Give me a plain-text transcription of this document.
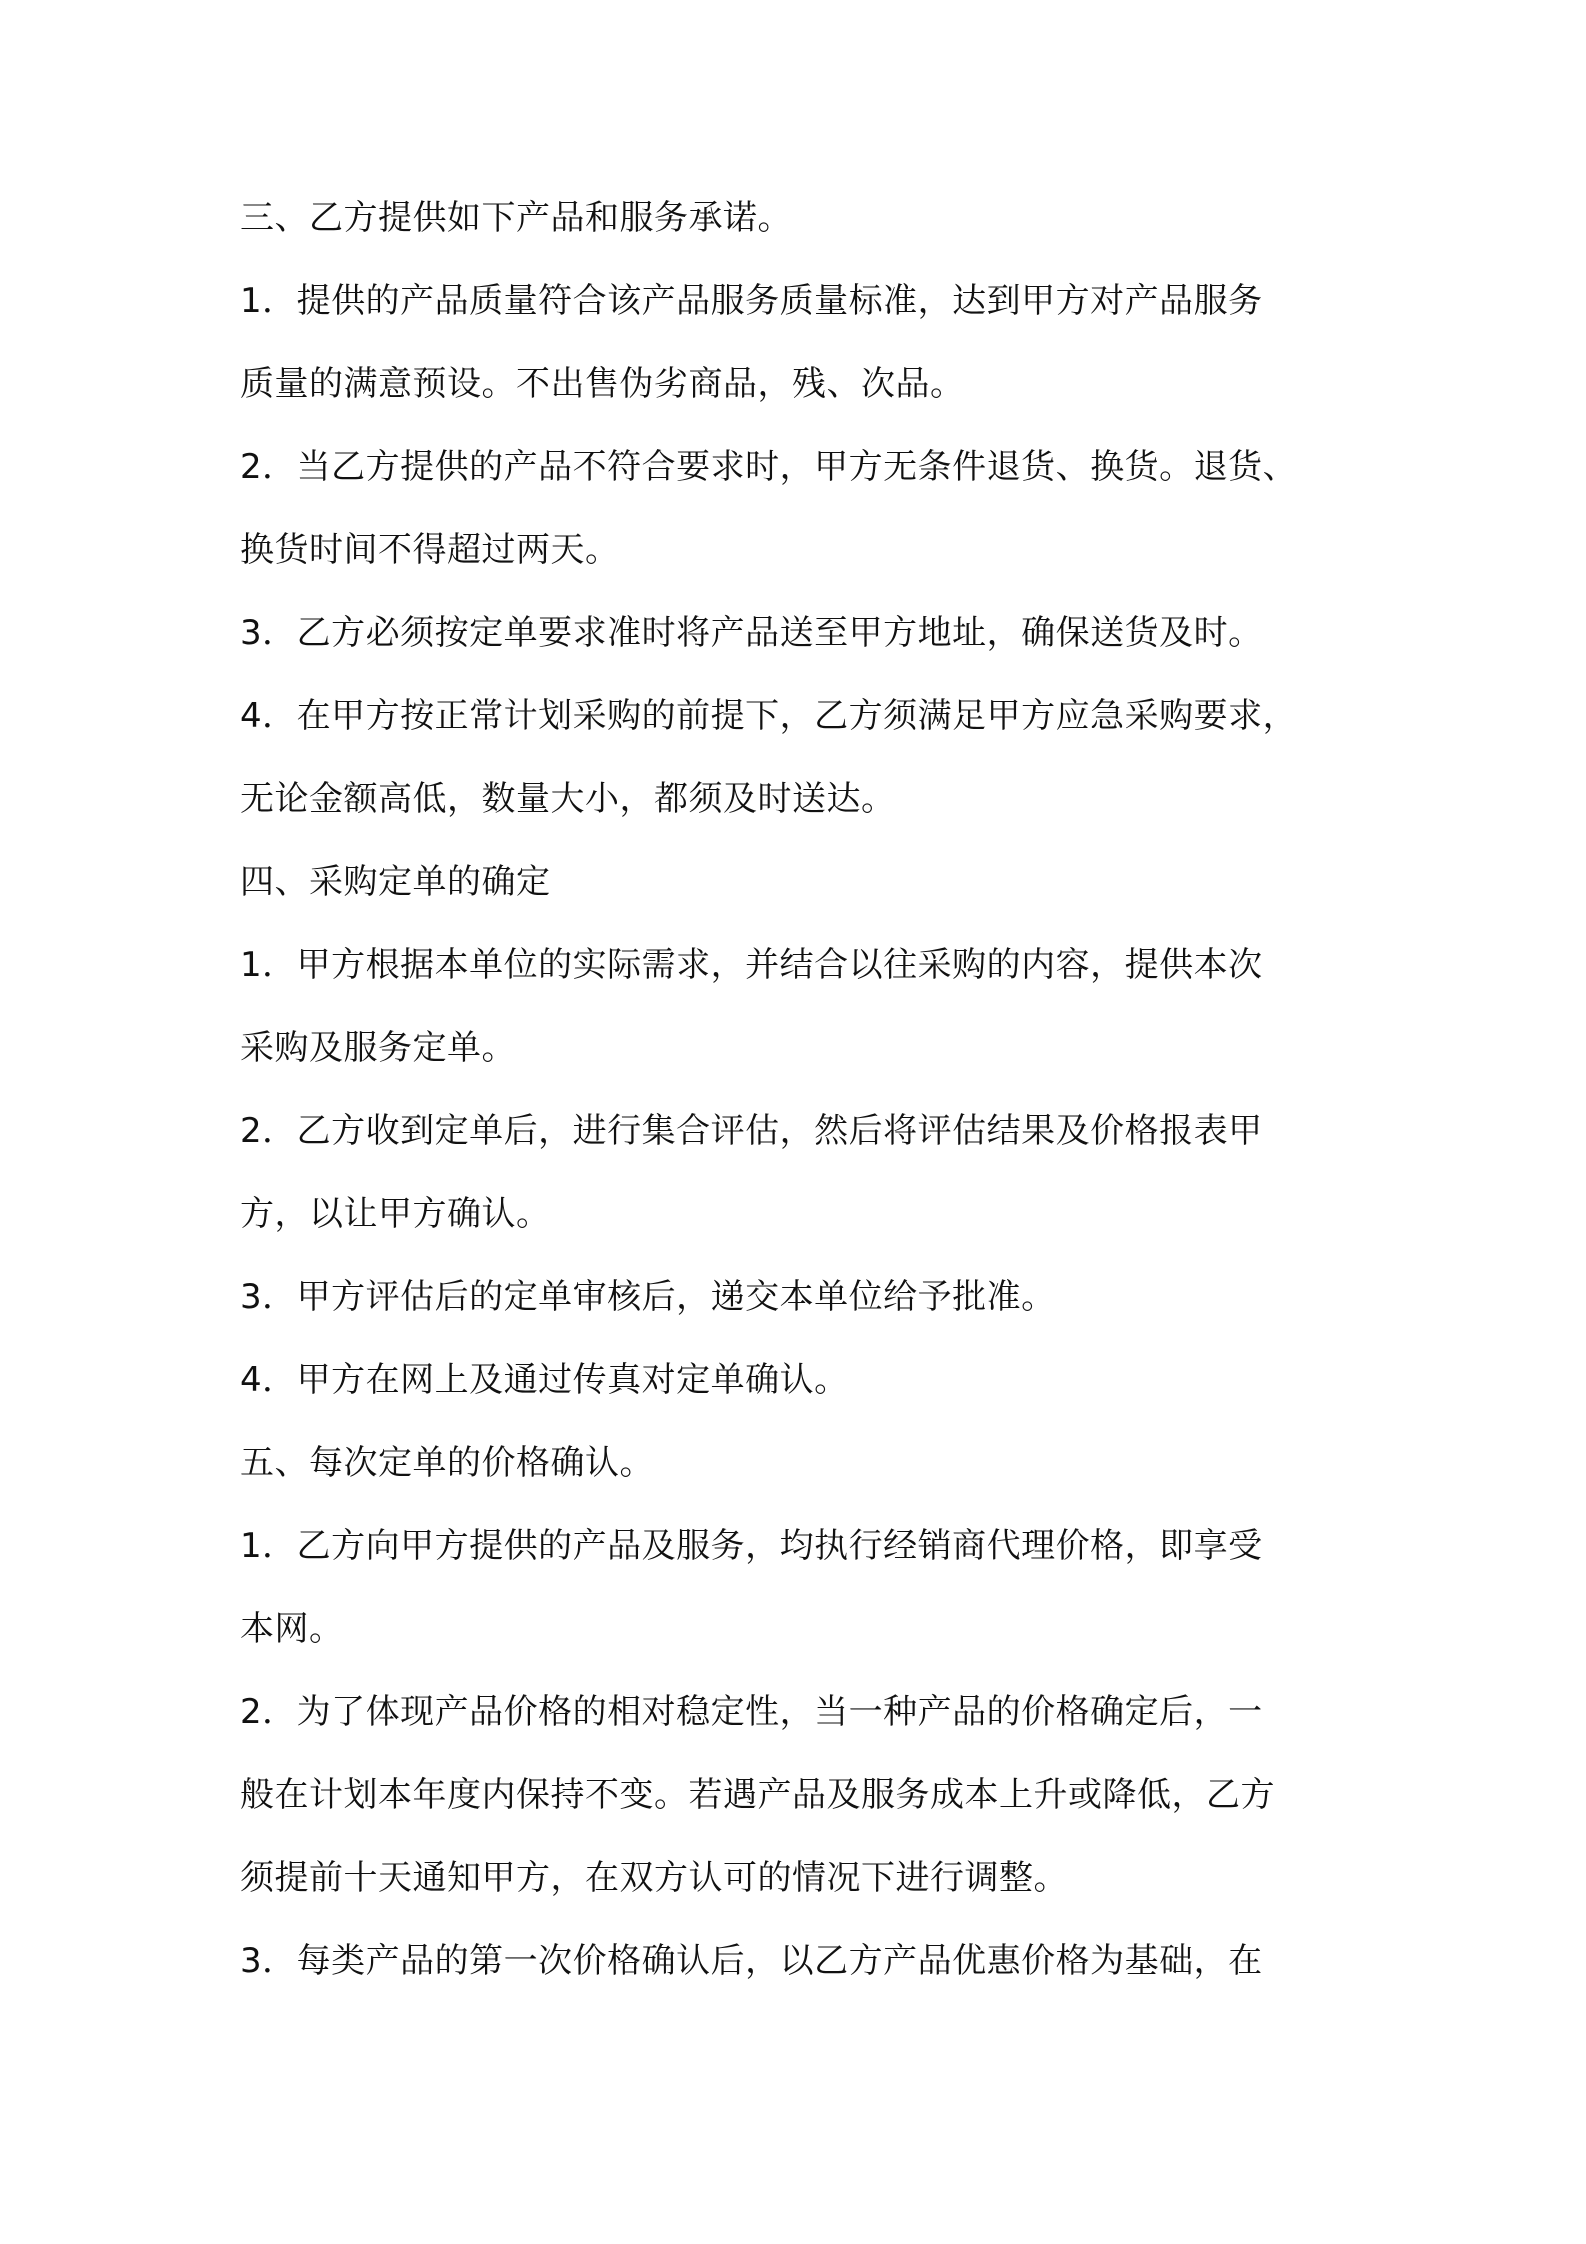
三、乙方提供如下产品和服务承诺。
1．提供的产品质量符合该产品服务质量标准，达到甲方对产品服务
质量的满意预设。不出售伪劣商品，残、次品。
2．当乙方提供的产品不符合要求时，甲方无条件退货、换货。退货、
换货时间不得超过两天。
3．乙方必须按定单要求准时将产品送至甲方地址，确保送货及时。
4．在甲方按正常计划采购的前提下，乙方须满足甲方应急采购要求，
无论金额高低，数量大小，都须及时送达。
四、采购定单的确定
1．甲方根据本单位的实际需求，并结合以往采购的内容，提供本次
采购及服务定单。
2．乙方收到定单后，进行集合评估，然后将评估结果及价格报表甲
方，以让甲方确认。
3．甲方评估后的定单审核后，递交本单位给予批准。
4．甲方在网上及通过传真对定单确认。
五、每次定单的价格确认。
1．乙方向甲方提供的产品及服务，均执行经销商代理价格，即享受
本网。
2．为了体现产品价格的相对稳定性，当一种产品的价格确定后，一
般在计划本年度内保持不变。若遇产品及服务成本上升或降低，乙方
须提前十天通知甲方，在双方认可的情况下进行调整。
3．每类产品的第一次价格确认后，以乙方产品优惠价格为基础，在
